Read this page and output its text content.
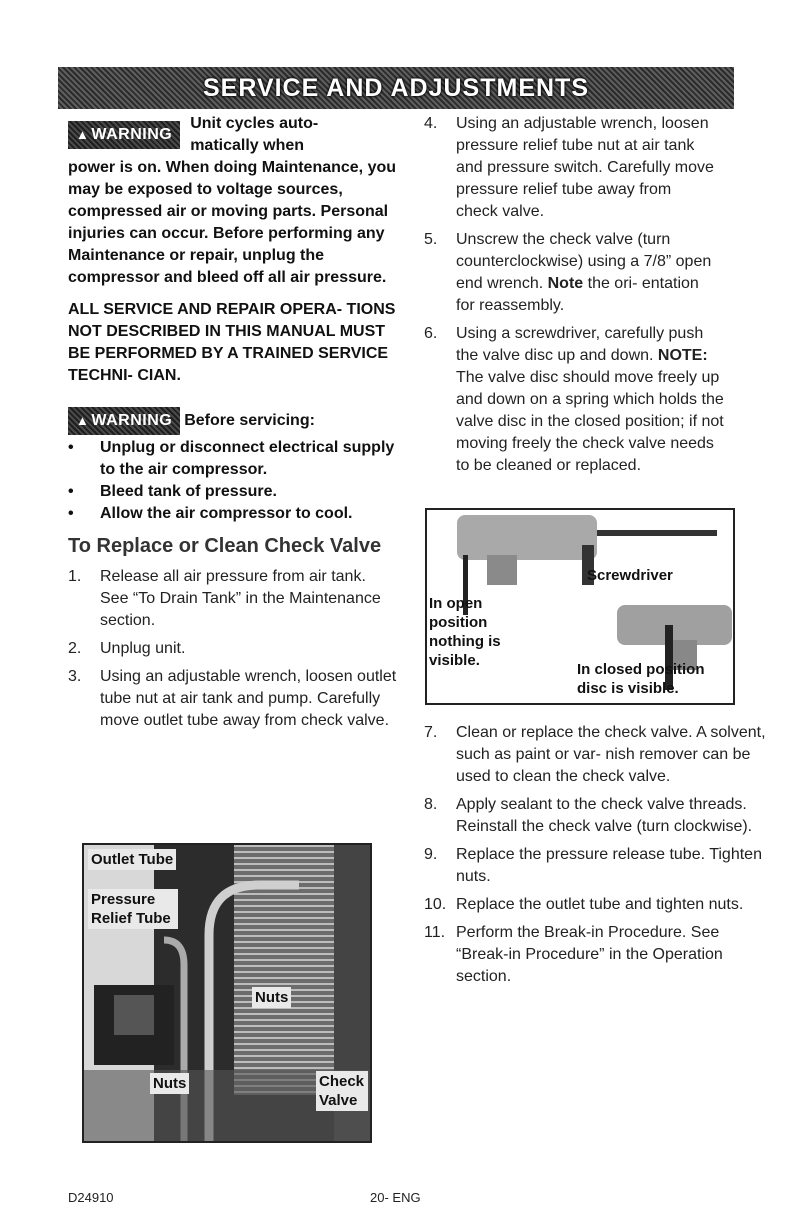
SERVICE AND ADJUSTMENTS
▲ WARNING
Unit cycles auto- matically when
power is on. When doing Maintenance, you may be exposed to voltage sources, compressed air or moving parts. Personal injuries can occur. Before performing any Maintenance or repair, unplug the compressor and bleed off all air pressure.
ALL SERVICE AND REPAIR OPERA- TIONS NOT DESCRIBED IN THIS MANUAL MUST BE PERFORMED BY A TRAINED SERVICE TECHNI- CIAN.
▲ WARNING Before servicing:
• Unplug or disconnect electrical supply to the air compressor.
• Bleed tank of pressure.
• Allow the air compressor to cool.
To Replace or Clean Check Valve
1. Release all air pressure from air tank. See “To Drain Tank” in the Maintenance section.
2. Unplug unit.
3. Using an adjustable wrench, loosen outlet tube nut at air tank and pump. Carefully move outlet tube away from check valve.
Outlet Tube
Pressure Relief Tube
Nuts
Nuts	Check Valve
4. Using an adjustable wrench, loosen pressure relief tube nut at air tank and pressure switch. Carefully move pressure relief tube away from check valve.
5. Unscrew the check valve (turn counterclockwise) using a 7/8” open end wrench. Note the ori- entation for reassembly.
6. Using a screwdriver, carefully push the valve disc up and down. NOTE: The valve disc should move freely up and down on a spring which holds the valve disc in the closed position; if not moving freely the check valve needs to be cleaned or replaced.
Screwdriver
In open position nothing is visible.
In closed position disc is visible.
7. Clean or replace the check valve. A solvent, such as paint or var- nish remover can be used to clean the check valve.
8. Apply sealant to the check valve threads. Reinstall the check valve (turn clockwise).
9. Replace the pressure release tube. Tighten nuts.
10. Replace the outlet tube and tighten nuts.
11. Perform the Break-in Procedure. See “Break-in Procedure” in the Operation section.
D24910	20- ENG
